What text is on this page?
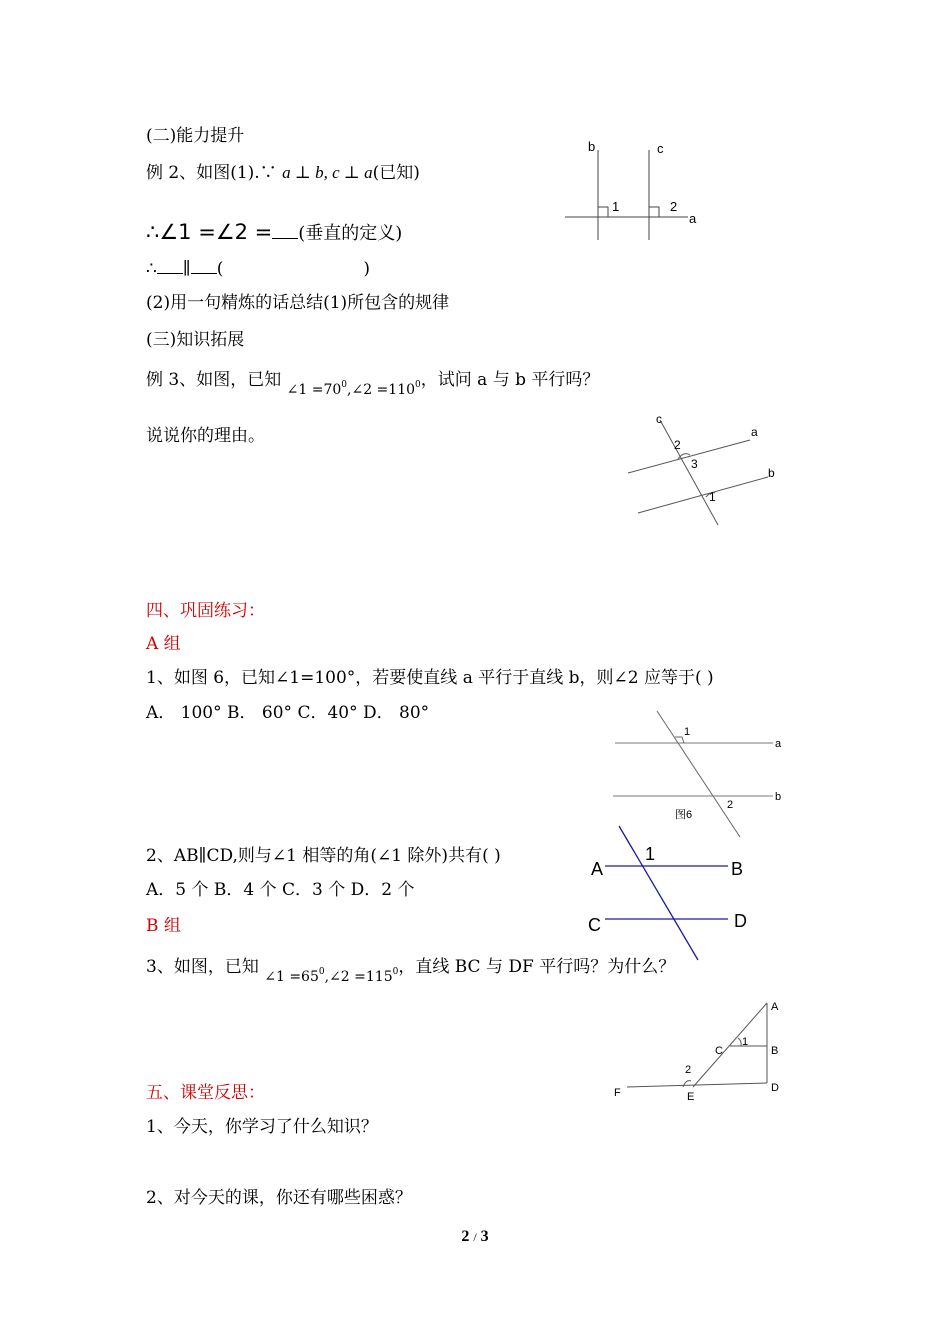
(二)能力提升
例 2、如图(1).∵ a ⊥ b, c ⊥ a(已知)
∴∠1 =∠2 = (垂直的定义)
∴ ∥ (	)
(2)用一句精炼的话总结(1)所包含的规律
b	c
1	2
a
(三)知识拓展
例 3、如图，已知 $_{\angle 1 =70^0,\angle 2 =110^0}$，试问 a 与 b 平行吗？
说说你的理由。
c
a
b
2
3
1
四、巩固练习：
A 组
1、如图 6，已知∠1=100°，若要使直线 a 平行于直线 b，则∠2 应等于( )
A． 100° B． 60° C．40° D． 80°
1
a
2
b
图6
2、AB∥CD,则与∠1 相等的角(∠1 除外)共有( )
A．5 个 B．4 个 C．3 个 D．2 个
A
1
B
C	D
B 组
3、如图，已知 $_{\angle 1 =65^0,\angle 2 =115^0}$，直线 BC 与 DF 平行吗？为什么？
A
B
C
1
2
D
E
F
五、课堂反思：
1、今天，你学习了什么知识？
2、对今天的课，你还有哪些困惑？
2 / 3
